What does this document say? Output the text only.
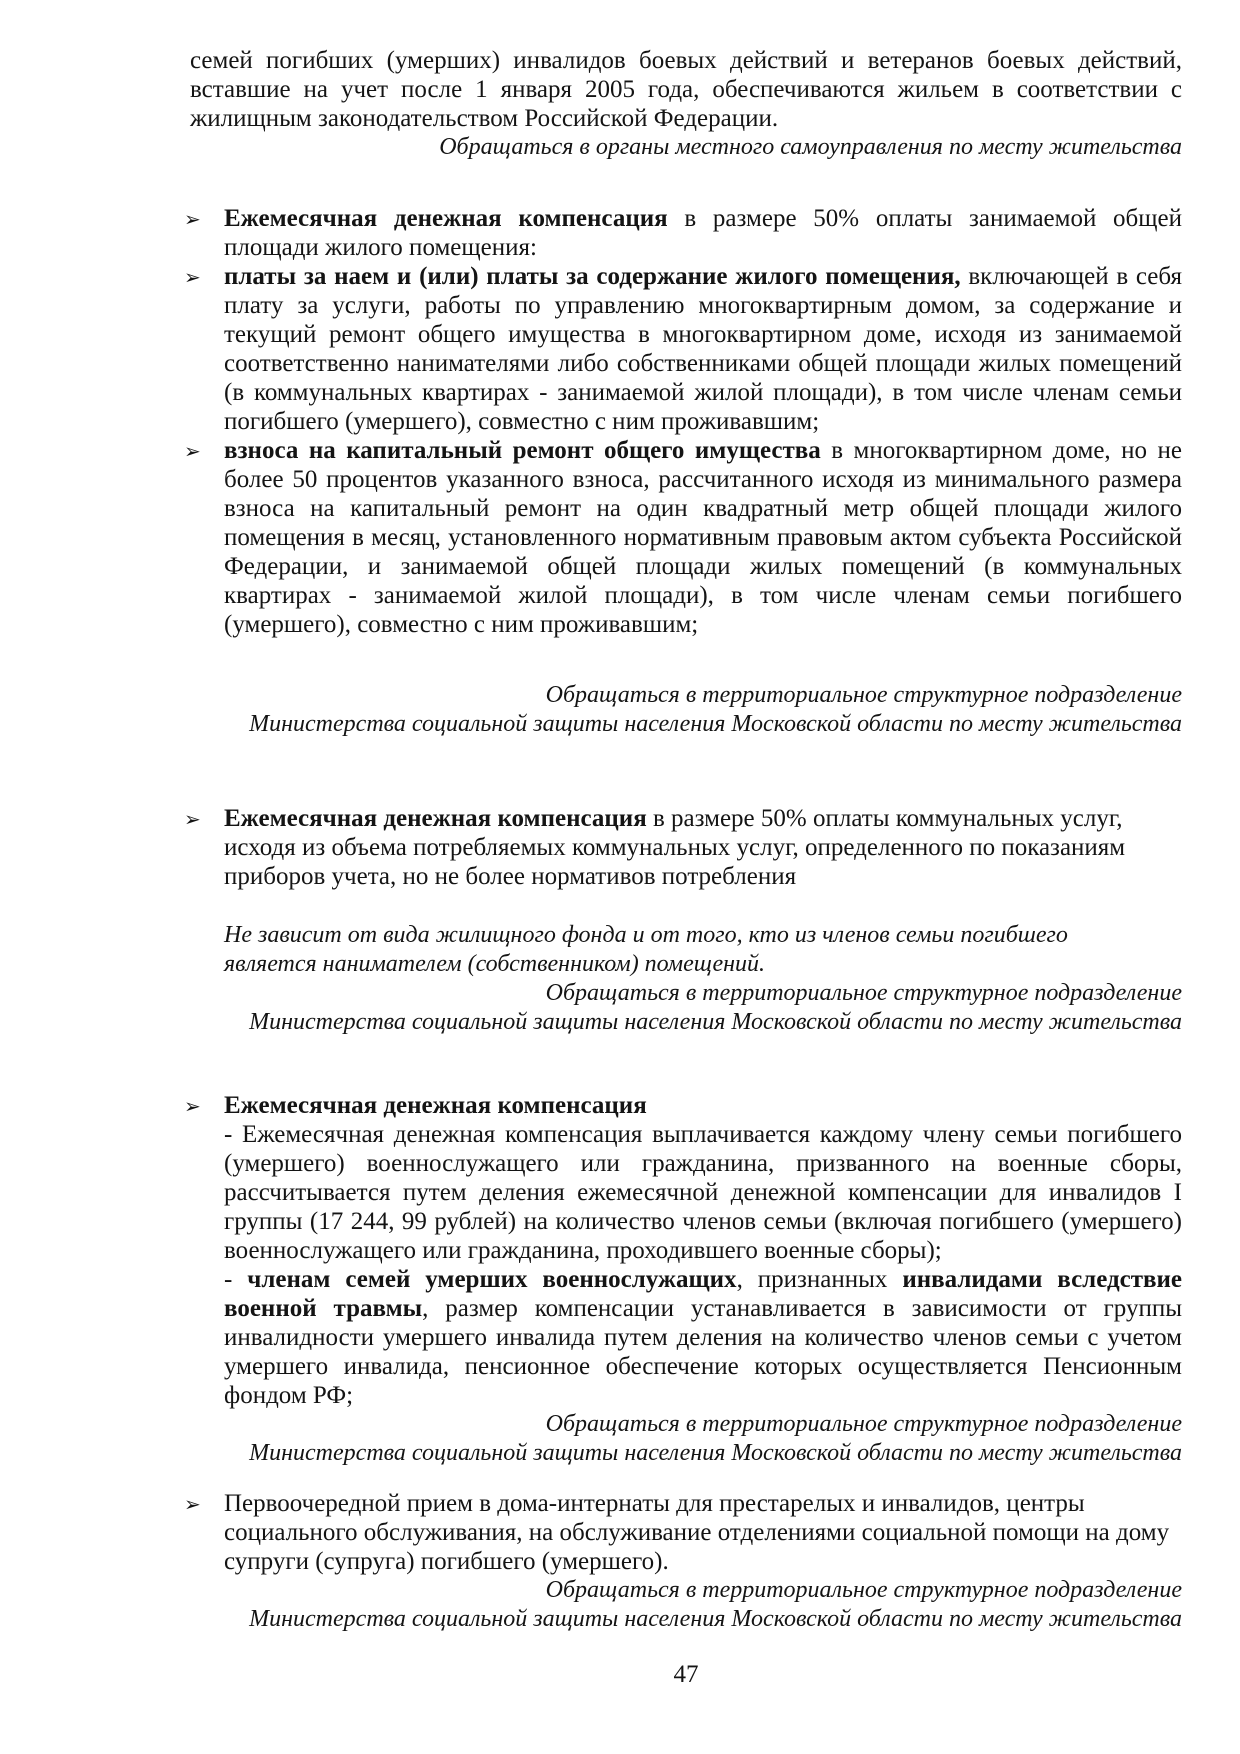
семей погибших (умерших) инвалидов боевых действий и ветеранов боевых действий, вставшие на учет после 1 января 2005 года, обеспечиваются жильем в соответствии с жилищным законодательством Российской Федерации.

Обращаться в органы местного самоуправления по месту жительства

➢ Ежемесячная денежная компенсация в размере 50% оплаты занимаемой общей площади жилого помещения:
➢ платы за наем и (или) платы за содержание жилого помещения, включающей в себя плату за услуги, работы по управлению многоквартирным домом, за содержание и текущий ремонт общего имущества в многоквартирном доме, исходя из занимаемой соответственно нанимателями либо собственниками общей площади жилых помещений (в коммунальных квартирах - занимаемой жилой площади), в том числе членам семьи погибшего (умершего), совместно с ним проживавшим;
➢ взноса на капитальный ремонт общего имущества в многоквартирном доме, но не более 50 процентов указанного взноса, рассчитанного исходя из минимального размера взноса на капитальный ремонт на один квадратный метр общей площади жилого помещения в месяц, установленного нормативным правовым актом субъекта Российской Федерации, и занимаемой общей площади жилых помещений (в коммунальных квартирах - занимаемой жилой площади), в том числе членам семьи погибшего (умершего), совместно с ним проживавшим;
Обращаться в территориальное структурное подразделение
Министерства социальной защиты населения Московской области по месту жительства
➢ Ежемесячная денежная компенсация в размере 50% оплаты коммунальных услуг, исходя из объема потребляемых коммунальных услуг, определенного по показаниям приборов учета, но не более нормативов потребления
Не зависит от вида жилищного фонда и от того, кто из членов семьи погибшего
является нанимателем (собственником) помещений.
Обращаться в территориальное структурное подразделение
Министерства социальной защиты населения Московской области по месту жительства
➢ Ежемесячная денежная компенсация

- Ежемесячная денежная компенсация выплачивается каждому члену семьи погибшего (умершего) военнослужащего или гражданина, призванного на военные сборы, рассчитывается путем деления ежемесячной денежной компенсации для инвалидов I группы (17 244, 99 рублей) на количество членов семьи (включая погибшего (умершего) военнослужащего или гражданина, проходившего военные сборы);

- членам семей умерших военнослужащих, признанных инвалидами вследствие военной травмы, размер компенсации устанавливается в зависимости от группы инвалидности умершего инвалида путем деления на количество членов семьи с учетом умершего инвалида, пенсионное обеспечение которых осуществляется Пенсионным фондом РФ;

Обращаться в территориальное структурное подразделение
Министерства социальной защиты населения Московской области по месту жительства
➢ Первоочередной прием в дома-интернаты для престарелых и инвалидов, центры социального обслуживания, на обслуживание отделениями социальной помощи на дому супруги (супруга) погибшего (умершего).
Обращаться в территориальное структурное подразделение
Министерства социальной защиты населения Московской области по месту жительства

47
